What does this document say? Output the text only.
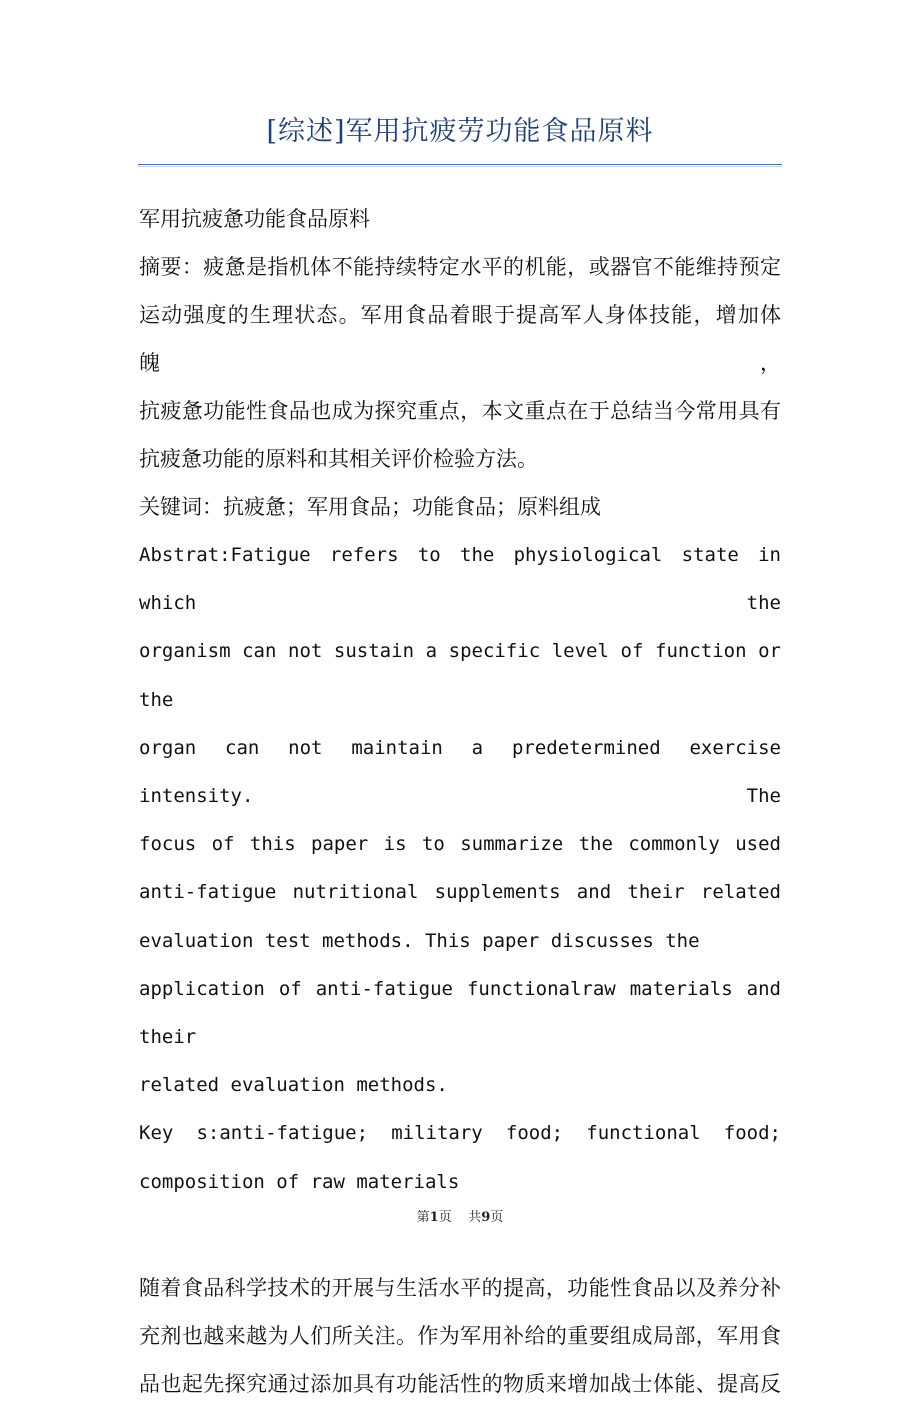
[综述]军用抗疲劳功能食品原料

军用抗疲惫功能食品原料

摘要：疲惫是指机体不能持续特定水平的机能，或器官不能维持预定

运动强度的生理状态。军用食品着眼于提高军人身体技能，增加体魄，

抗疲惫功能性食品也成为探究重点，本文重点在于总结当今常用具有

抗疲惫功能的原料和其相关评价检验方法。

关键词：抗疲惫；军用食品；功能食品；原料组成

Abstrat:Fatigue refers to the physiological state in which the

organism can not sustain a specific level of function or the

organ can not maintain a predetermined exercise intensity. The

focus of this paper is to summarize the commonly used

anti-fatigue nutritional supplements and their related

evaluation test methods. This paper discusses the

application of anti-fatigue functionalraw materials and their

related evaluation methods.

Key s:anti-fatigue; military food; functional food;

composition of raw materials

随着食品科学技术的开展与生活水平的提高，功能性食品以及养分补

充剂也越来越为人们所关注。作为军用补给的重要组成局部，军用食

品也起先探究通过添加具有功能活性的物质来增加战士体能、提高反

第1页 共9页
